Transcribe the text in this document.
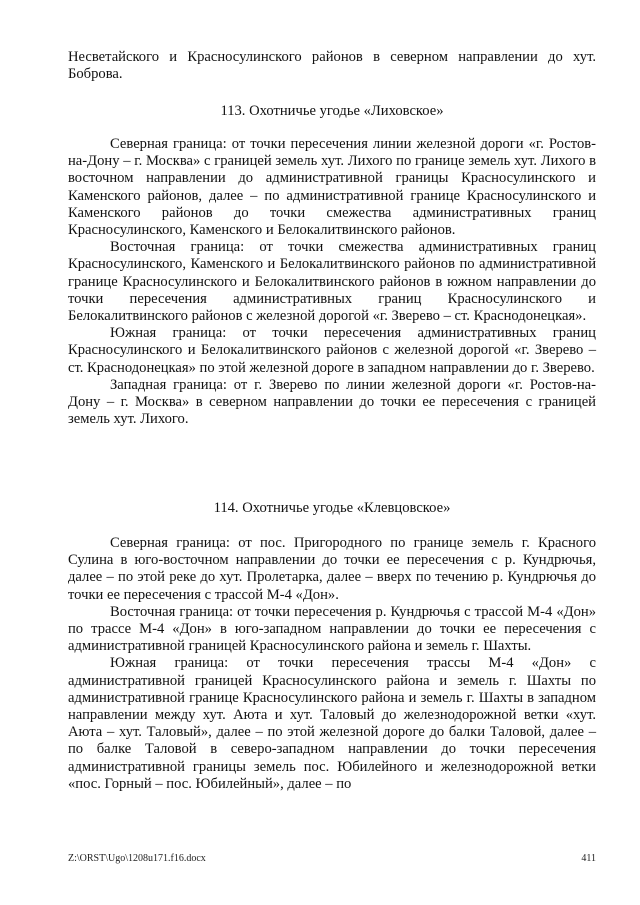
Несветайского и Красносулинского районов в северном направлении до хут. Боброва.

113. Охотничье угодье «Лиховское»

Северная граница: от точки пересечения линии железной дороги «г. Ростов-на-Дону – г. Москва» с границей земель хут. Лихого по границе земель хут. Лихого в восточном направлении до административной границы Красносулинского и Каменского районов, далее – по административной границе Красносулинского и Каменского районов до точки смежества административных границ Красносулинского, Каменского и Белокалитвинского районов.

Восточная граница: от точки смежества административных границ Красносулинского, Каменского и Белокалитвинского районов по административной границе Красносулинского и Белокалитвинского районов в южном направлении до точки пересечения административных границ Красносулинского и Белокалитвинского районов с железной дорогой «г. Зверево – ст. Краснодонецкая».

Южная граница: от точки пересечения административных границ Красносулинского и Белокалитвинского районов с железной дорогой «г. Зверево – ст. Краснодонецкая» по этой железной дороге в западном направлении до г. Зверево.

Западная граница: от г. Зверево по линии железной дороги «г. Ростов-на-Дону – г. Москва» в северном направлении до точки ее пересечения с границей земель хут. Лихого.

114. Охотничье угодье «Клевцовское»

Северная граница: от пос. Пригородного по границе земель г. Красного Сулина в юго-восточном направлении до точки ее пересечения с р. Кундрючья, далее – по этой реке до хут. Пролетарка, далее – вверх по течению р. Кундрючья до точки ее пересечения с трассой М-4 «Дон».

Восточная граница: от точки пересечения р. Кундрючья с трассой М-4 «Дон» по трассе М-4 «Дон» в юго-западном направлении до точки ее пересечения с административной границей Красносулинского района и земель г. Шахты.

Южная граница: от точки пересечения трассы М-4 «Дон» с административной границей Красносулинского района и земель г. Шахты по административной границе Красносулинского района и земель г. Шахты в западном направлении между хут. Аюта и хут. Таловый до железнодорожной ветки «хут. Аюта – хут. Таловый», далее – по этой железной дороге до балки Таловой, далее – по балке Таловой в северо-западном направлении до точки пересечения административной границы земель пос. Юбилейного и железнодорожной ветки «пос. Горный – пос. Юбилейный», далее – по

Z:\ORST\Ugo\1208u171.f16.docx	411
